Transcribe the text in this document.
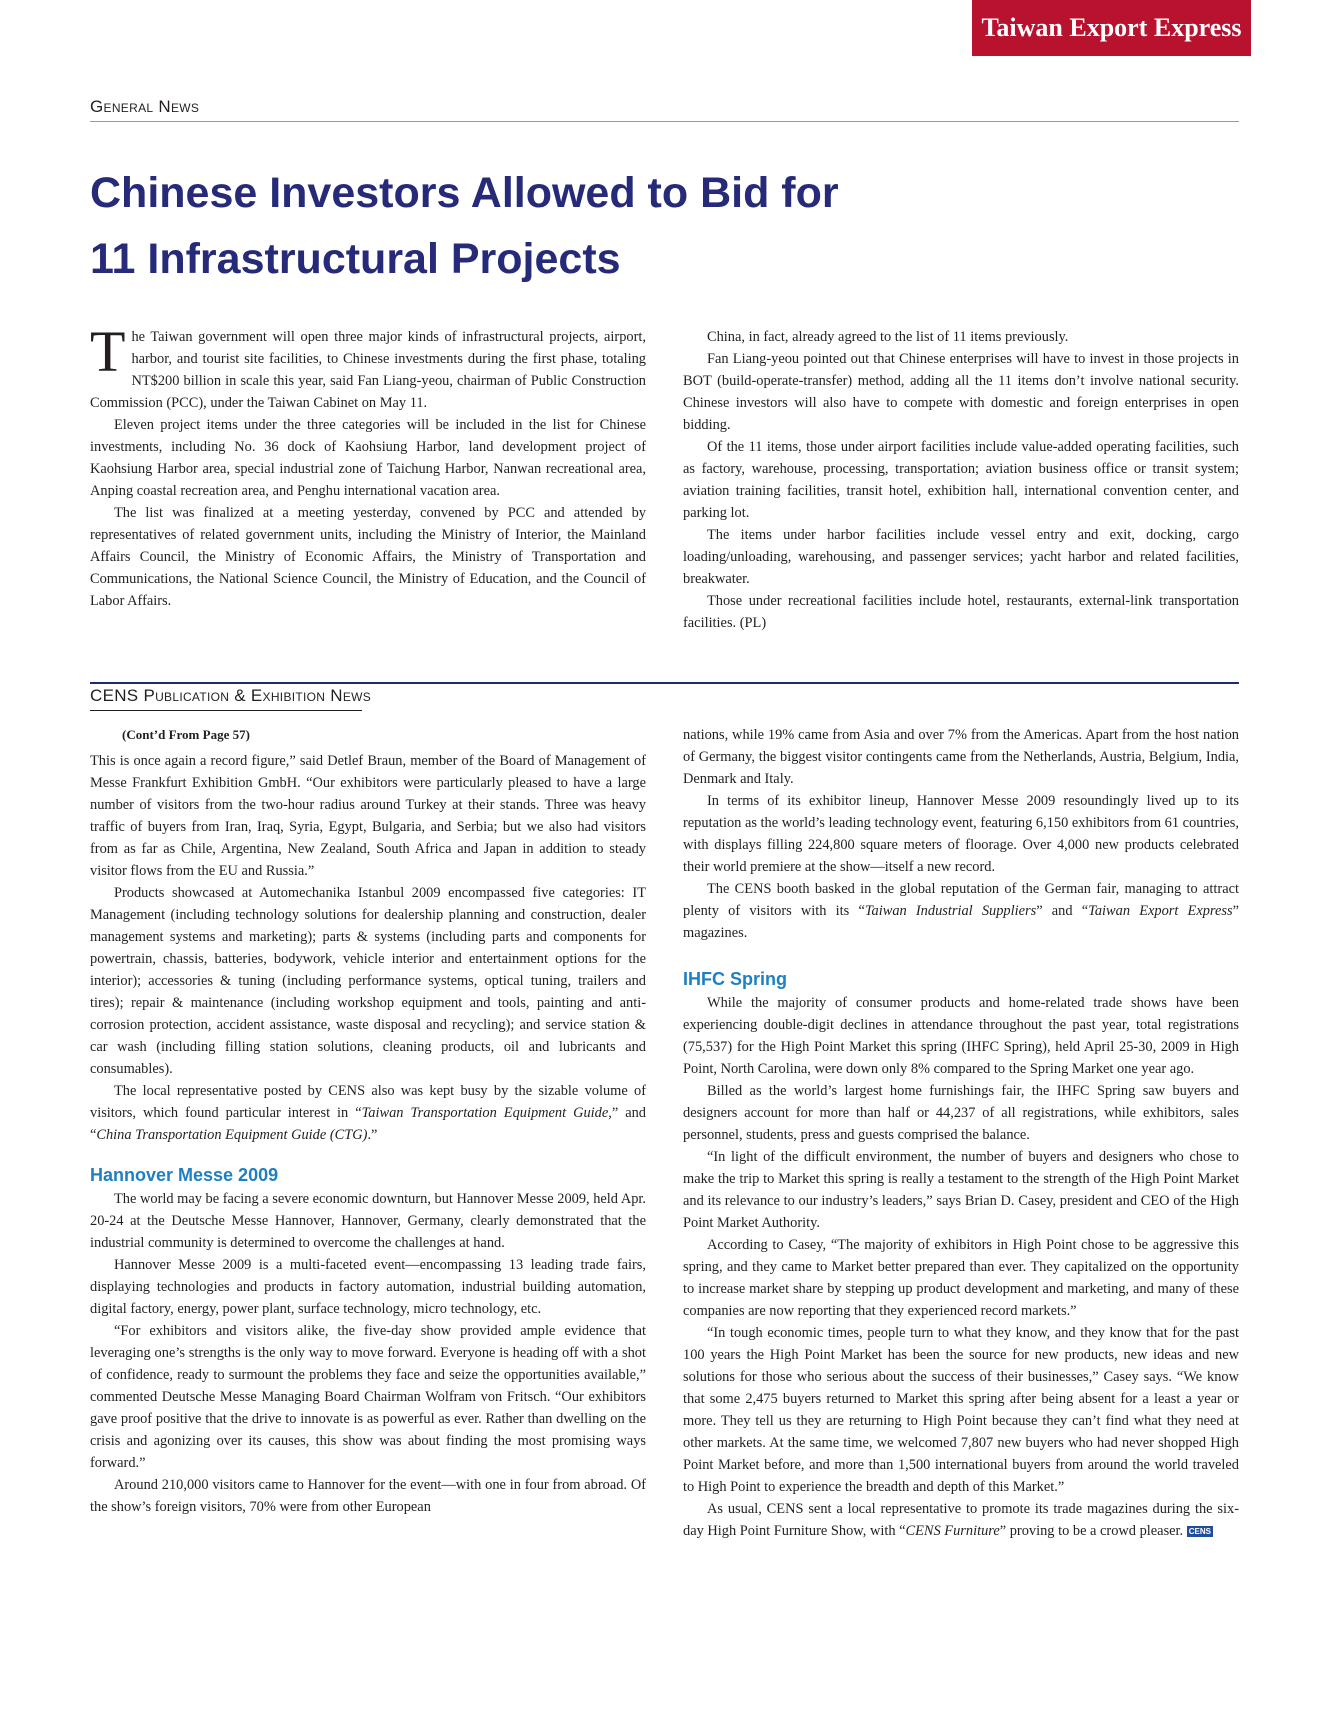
Taiwan Export Express
General News
Chinese Investors Allowed to Bid for
11 Infrastructural Projects

The Taiwan government will open three major kinds of infrastructural projects, airport, harbor, and tourist site facilities, to Chinese investments during the first phase, totaling NT$200 billion in scale this year, said Fan Liang-yeou, chairman of Public Construction Commission (PCC), under the Taiwan Cabinet on May 11.

Eleven project items under the three categories will be included in the list for Chinese investments, including No. 36 dock of Kaohsiung Harbor, land development project of Kaohsiung Harbor area, special industrial zone of Taichung Harbor, Nanwan recreational area, Anping coastal recreation area, and Penghu international vacation area.

The list was finalized at a meeting yesterday, convened by PCC and attended by representatives of related government units, including the Ministry of Interior, the Mainland Affairs Council, the Ministry of Economic Affairs, the Ministry of Transportation and Communications, the National Science Council, the Ministry of Education, and the Council of Labor Affairs.

China, in fact, already agreed to the list of 11 items previously.

Fan Liang-yeou pointed out that Chinese enterprises will have to invest in those projects in BOT (build-operate-transfer) method, adding all the 11 items don’t involve national security. Chinese investors will also have to compete with domestic and foreign enterprises in open bidding.

Of the 11 items, those under airport facilities include value-added operating facilities, such as factory, warehouse, processing, transportation; aviation business office or transit system; aviation training facilities, transit hotel, exhibition hall, international convention center, and parking lot.

The items under harbor facilities include vessel entry and exit, docking, cargo loading/unloading, warehousing, and passenger services; yacht harbor and related facilities, breakwater.

Those under recreational facilities include hotel, restaurants, external-link transportation facilities. (PL)

CENS Publication & Exhibition News

(Cont’d From Page 57)

This is once again a record figure,” said Detlef Braun, member of the Board of Management of Messe Frankfurt Exhibition GmbH. “Our exhibitors were particularly pleased to have a large number of visitors from the two-hour radius around Turkey at their stands. Three was heavy traffic of buyers from Iran, Iraq, Syria, Egypt, Bulgaria, and Serbia; but we also had visitors from as far as Chile, Argentina, New Zealand, South Africa and Japan in addition to steady visitor flows from the EU and Russia.”

Products showcased at Automechanika Istanbul 2009 encompassed five categories: IT Management (including technology solutions for dealership planning and construction, dealer management systems and marketing); parts & systems (including parts and components for powertrain, chassis, batteries, bodywork, vehicle interior and entertainment options for the interior); accessories & tuning (including performance systems, optical tuning, trailers and tires); repair & maintenance (including workshop equipment and tools, painting and anti-corrosion protection, accident assistance, waste disposal and recycling); and service station & car wash (including filling station solutions, cleaning products, oil and lubricants and consumables).

The local representative posted by CENS also was kept busy by the sizable volume of visitors, which found particular interest in “Taiwan Transportation Equipment Guide,” and “China Transportation Equipment Guide (CTG).”

Hannover Messe 2009

The world may be facing a severe economic downturn, but Hannover Messe 2009, held Apr. 20-24 at the Deutsche Messe Hannover, Hannover, Germany, clearly demonstrated that the industrial community is determined to overcome the challenges at hand.

Hannover Messe 2009 is a multi-faceted event—encompassing 13 leading trade fairs, displaying technologies and products in factory automation, industrial building automation, digital factory, energy, power plant, surface technology, micro technology, etc.

“For exhibitors and visitors alike, the five-day show provided ample evidence that leveraging one’s strengths is the only way to move forward. Everyone is heading off with a shot of confidence, ready to surmount the problems they face and seize the opportunities available,” commented Deutsche Messe Managing Board Chairman Wolfram von Fritsch. “Our exhibitors gave proof positive that the drive to innovate is as powerful as ever. Rather than dwelling on the crisis and agonizing over its causes, this show was about finding the most promising ways forward.”

Around 210,000 visitors came to Hannover for the event—with one in four from abroad. Of the show’s foreign visitors, 70% were from other European

nations, while 19% came from Asia and over 7% from the Americas. Apart from the host nation of Germany, the biggest visitor contingents came from the Netherlands, Austria, Belgium, India, Denmark and Italy.

In terms of its exhibitor lineup, Hannover Messe 2009 resoundingly lived up to its reputation as the world’s leading technology event, featuring 6,150 exhibitors from 61 countries, with displays filling 224,800 square meters of floorage. Over 4,000 new products celebrated their world premiere at the show—itself a new record.

The CENS booth basked in the global reputation of the German fair, managing to attract plenty of visitors with its “Taiwan Industrial Suppliers” and “Taiwan Export Express” magazines.

IHFC Spring

While the majority of consumer products and home-related trade shows have been experiencing double-digit declines in attendance throughout the past year, total registrations (75,537) for the High Point Market this spring (IHFC Spring), held April 25-30, 2009 in High Point, North Carolina, were down only 8% compared to the Spring Market one year ago.

Billed as the world’s largest home furnishings fair, the IHFC Spring saw buyers and designers account for more than half or 44,237 of all registrations, while exhibitors, sales personnel, students, press and guests comprised the balance.

“In light of the difficult environment, the number of buyers and designers who chose to make the trip to Market this spring is really a testament to the strength of the High Point Market and its relevance to our industry’s leaders,” says Brian D. Casey, president and CEO of the High Point Market Authority.

According to Casey, “The majority of exhibitors in High Point chose to be aggressive this spring, and they came to Market better prepared than ever. They capitalized on the opportunity to increase market share by stepping up product development and marketing, and many of these companies are now reporting that they experienced record markets.”

“In tough economic times, people turn to what they know, and they know that for the past 100 years the High Point Market has been the source for new products, new ideas and new solutions for those who serious about the success of their businesses,” Casey says. “We know that some 2,475 buyers returned to Market this spring after being absent for a least a year or more. They tell us they are returning to High Point because they can’t find what they need at other markets. At the same time, we welcomed 7,807 new buyers who had never shopped High Point Market before, and more than 1,500 international buyers from around the world traveled to High Point to experience the breadth and depth of this Market.”

As usual, CENS sent a local representative to promote its trade magazines during the six-day High Point Furniture Show, with “CENS Furniture” proving to be a crowd pleaser. CENS
